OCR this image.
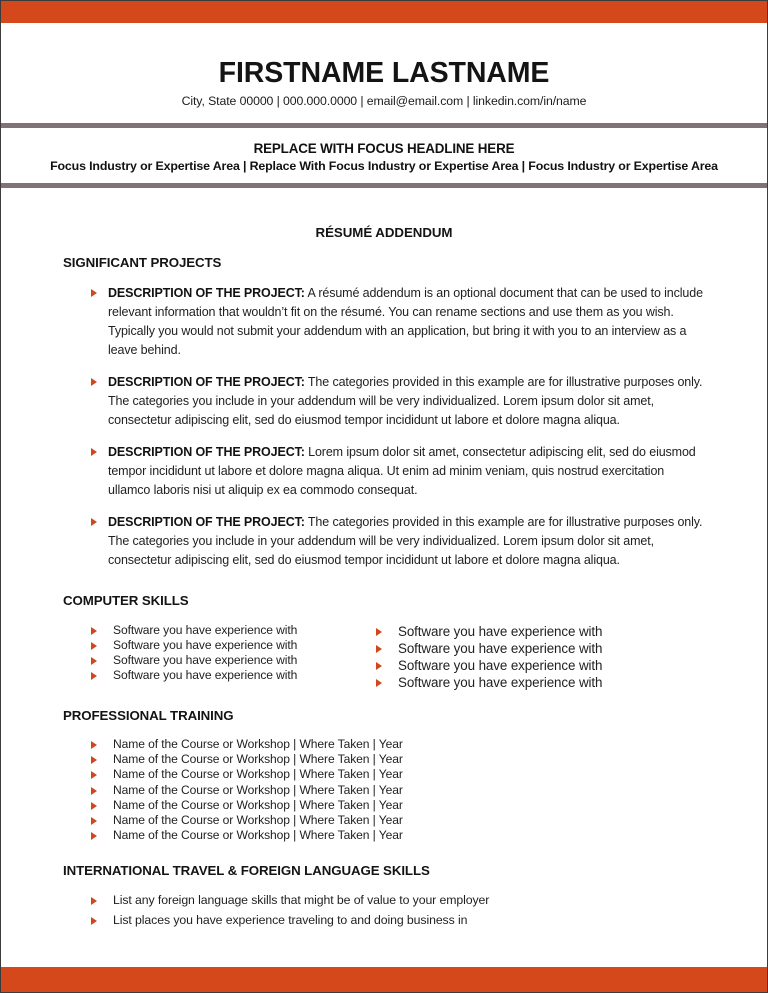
FIRSTNAME LASTNAME
City, State 00000 | 000.000.0000 | email@email.com | linkedin.com/in/name
REPLACE WITH FOCUS HEADLINE HERE
Focus Industry or Expertise Area | Replace With Focus Industry or Expertise Area | Focus Industry or Expertise Area
RÉSUMÉ ADDENDUM
SIGNIFICANT PROJECTS
DESCRIPTION OF THE PROJECT: A résumé addendum is an optional document that can be used to include relevant information that wouldn’t fit on the résumé. You can rename sections and use them as you wish. Typically you would not submit your addendum with an application, but bring it with you to an interview as a leave behind.
DESCRIPTION OF THE PROJECT: The categories provided in this example are for illustrative purposes only. The categories you include in your addendum will be very individualized. Lorem ipsum dolor sit amet, consectetur adipiscing elit, sed do eiusmod tempor incididunt ut labore et dolore magna aliqua.
DESCRIPTION OF THE PROJECT: Lorem ipsum dolor sit amet, consectetur adipiscing elit, sed do eiusmod tempor incididunt ut labore et dolore magna aliqua. Ut enim ad minim veniam, quis nostrud exercitation ullamco laboris nisi ut aliquip ex ea commodo consequat.
DESCRIPTION OF THE PROJECT: The categories provided in this example are for illustrative purposes only. The categories you include in your addendum will be very individualized. Lorem ipsum dolor sit amet, consectetur adipiscing elit, sed do eiusmod tempor incididunt ut labore et dolore magna aliqua.
COMPUTER SKILLS
Software you have experience with
Software you have experience with
Software you have experience with
Software you have experience with
Software you have experience with
Software you have experience with
Software you have experience with
Software you have experience with
PROFESSIONAL TRAINING
Name of the Course or Workshop | Where Taken | Year
Name of the Course or Workshop | Where Taken | Year
Name of the Course or Workshop | Where Taken | Year
Name of the Course or Workshop | Where Taken | Year
Name of the Course or Workshop | Where Taken | Year
Name of the Course or Workshop | Where Taken | Year
Name of the Course or Workshop | Where Taken | Year
INTERNATIONAL TRAVEL & FOREIGN LANGUAGE SKILLS
List any foreign language skills that might be of value to your employer
List places you have experience traveling to and doing business in
